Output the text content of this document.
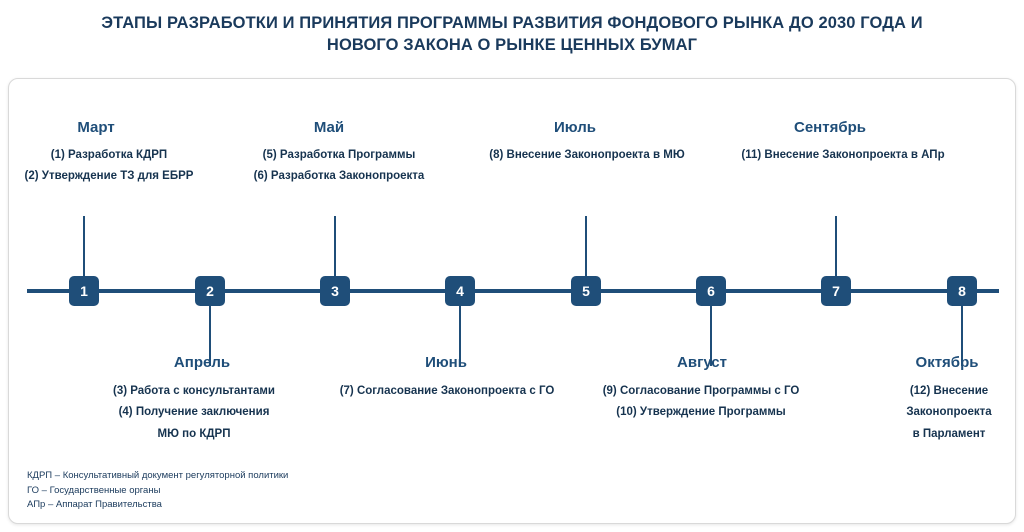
ЭТАПЫ РАЗРАБОТКИ И ПРИНЯТИЯ ПРОГРАММЫ РАЗВИТИЯ ФОНДОВОГО РЫНКА ДО 2030 ГОДА И
НОВОГО ЗАКОНА О РЫНКЕ ЦЕННЫХ БУМАГ
1
Март
(1) Разработка КДРП
(2) Утверждение ТЗ для ЕБРР
2
Апрель
(3) Работа с консультантами
(4) Получение заключения
МЮ по КДРП
3
Май
(5) Разработка Программы
(6) Разработка Законопроекта
4
Июнь
(7) Согласование Законопроекта с ГО
5
Июль
(8) Внесение Законопроекта в МЮ
6
Август
(9) Согласование Программы с ГО
(10) Утверждение Программы
7
Сентябрь
(11) Внесение Законопроекта в АПр
8
Октябрь
(12) Внесение
Законопроекта
в Парламент
КДРП – Консультативный документ регуляторной политики
ГО – Государственные органы
АПр – Аппарат Правительства
